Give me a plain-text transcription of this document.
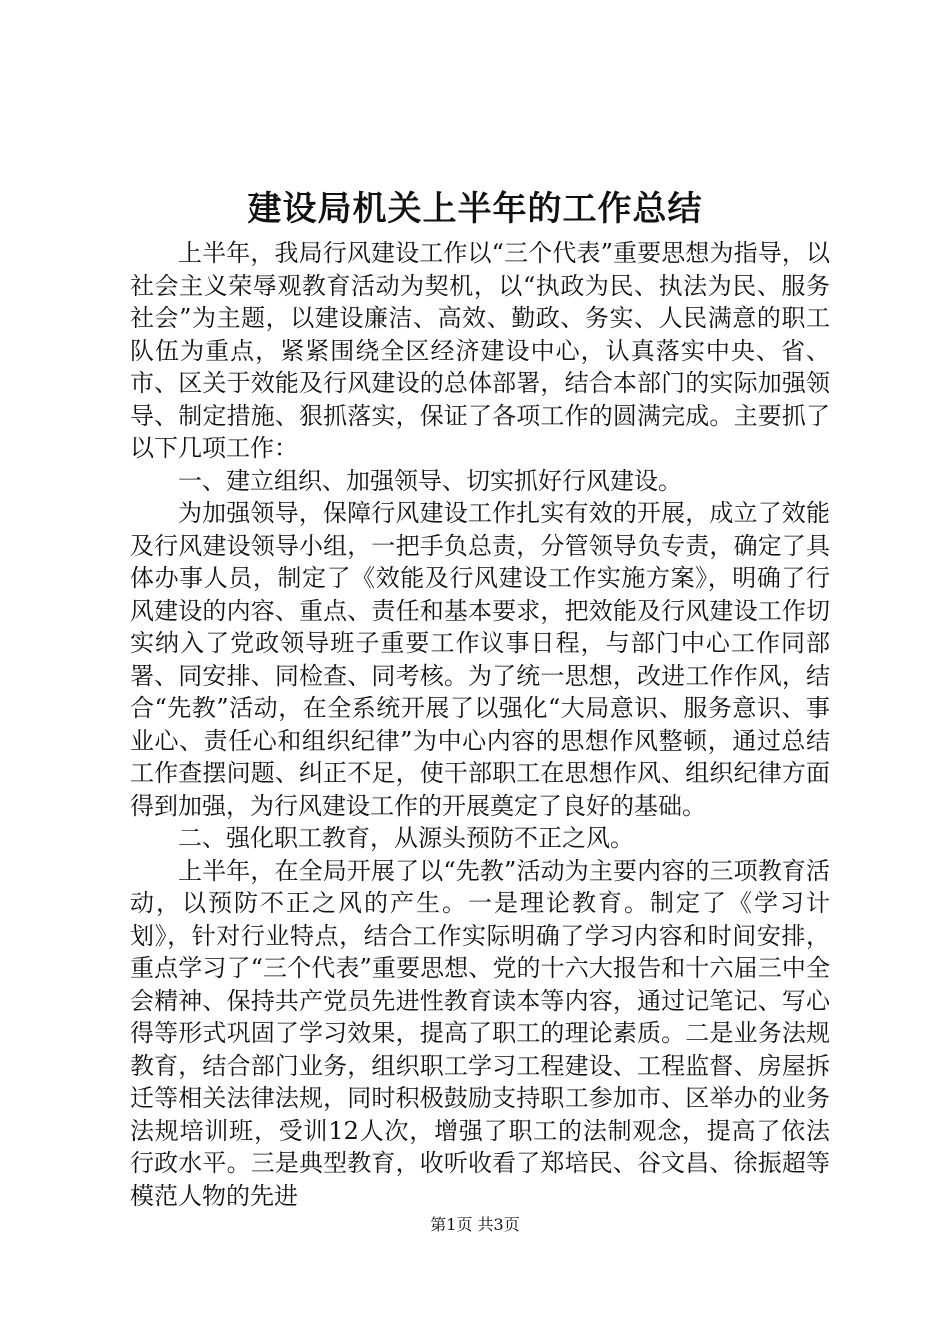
建设局机关上半年的工作总结

上半年，我局行风建设工作以“三个代表”重要思想为指导，以社会主义荣辱观教育活动为契机，以“执政为民、执法为民、服务社会”为主题，以建设廉洁、高效、勤政、务实、人民满意的职工队伍为重点，紧紧围绕全区经济建设中心，认真落实中央、省、市、区关于效能及行风建设的总体部署，结合本部门的实际加强领导、制定措施、狠抓落实，保证了各项工作的圆满完成。主要抓了以下几项工作：

一、建立组织、加强领导、切实抓好行风建设。

为加强领导，保障行风建设工作扎实有效的开展，成立了效能及行风建设领导小组，一把手负总责，分管领导负专责，确定了具体办事人员，制定了《效能及行风建设工作实施方案》，明确了行风建设的内容、重点、责任和基本要求，把效能及行风建设工作切实纳入了党政领导班子重要工作议事日程，与部门中心工作同部署、同安排、同检查、同考核。为了统一思想，改进工作作风，结合“先教”活动，在全系统开展了以强化“大局意识、服务意识、事业心、责任心和组织纪律”为中心内容的思想作风整顿，通过总结工作查摆问题、纠正不足，使干部职工在思想作风、组织纪律方面得到加强，为行风建设工作的开展奠定了良好的基础。

二、强化职工教育，从源头预防不正之风。

上半年，在全局开展了以“先教”活动为主要内容的三项教育活动，以预防不正之风的产生。一是理论教育。制定了《学习计划》，针对行业特点，结合工作实际明确了学习内容和时间安排，重点学习了“三个代表”重要思想、党的十六大报告和十六届三中全会精神、保持共产党员先进性教育读本等内容，通过记笔记、写心得等形式巩固了学习效果，提高了职工的理论素质。二是业务法规教育，结合部门业务，组织职工学习工程建设、工程监督、房屋拆迁等相关法律法规，同时积极鼓励支持职工参加市、区举办的业务法规培训班，受训12人次，增强了职工的法制观念，提高了依法行政水平。三是典型教育，收听收看了郑培民、谷文昌、徐振超等模范人物的先进

第1页 共3页
